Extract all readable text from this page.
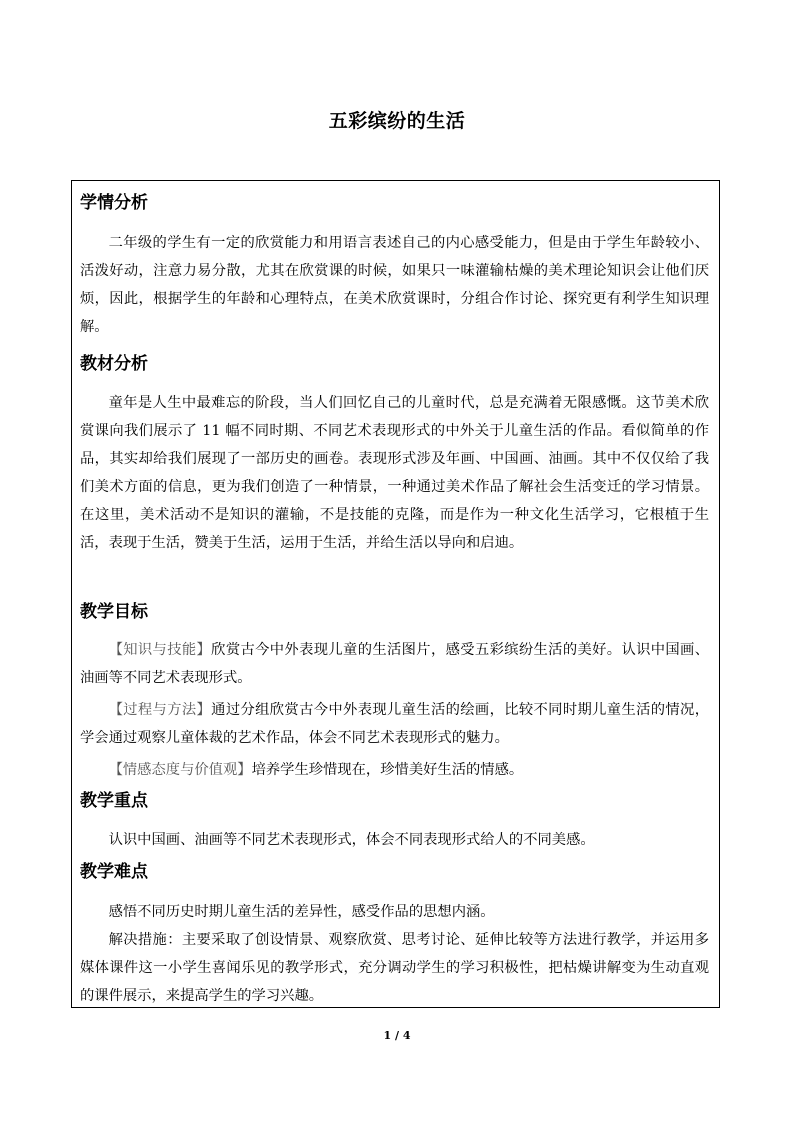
五彩缤纷的生活
学情分析
二年级的学生有一定的欣赏能力和用语言表述自己的内心感受能力，但是由于学生年龄较小、活泼好动，注意力易分散，尤其在欣赏课的时候，如果只一味灌输枯燥的美术理论知识会让他们厌烦，因此，根据学生的年龄和心理特点，在美术欣赏课时，分组合作讨论、探究更有利学生知识理解。
教材分析
童年是人生中最难忘的阶段，当人们回忆自己的儿童时代，总是充满着无限感慨。这节美术欣赏课向我们展示了 11 幅不同时期、不同艺术表现形式的中外关于儿童生活的作品。看似简单的作品，其实却给我们展现了一部历史的画卷。表现形式涉及年画、中国画、油画。其中不仅仅给了我们美术方面的信息，更为我们创造了一种情景，一种通过美术作品了解社会生活变迁的学习情景。在这里，美术活动不是知识的灌输，不是技能的克隆，而是作为一种文化生活学习，它根植于生活，表现于生活，赞美于生活，运用于生活，并给生活以导向和启迪。
教学目标
【知识与技能】欣赏古今中外表现儿童的生活图片，感受五彩缤纷生活的美好。认识中国画、油画等不同艺术表现形式。
【过程与方法】通过分组欣赏古今中外表现儿童生活的绘画，比较不同时期儿童生活的情况，学会通过观察儿童体裁的艺术作品，体会不同艺术表现形式的魅力。
【情感态度与价值观】培养学生珍惜现在，珍惜美好生活的情感。
教学重点
认识中国画、油画等不同艺术表现形式，体会不同表现形式给人的不同美感。
教学难点
感悟不同历史时期儿童生活的差异性，感受作品的思想内涵。
解决措施：主要采取了创设情景、观察欣赏、思考讨论、延伸比较等方法进行教学，并运用多媒体课件这一小学生喜闻乐见的教学形式，充分调动学生的学习积极性，把枯燥讲解变为生动直观的课件展示，来提高学生的学习兴趣。
1 / 4
